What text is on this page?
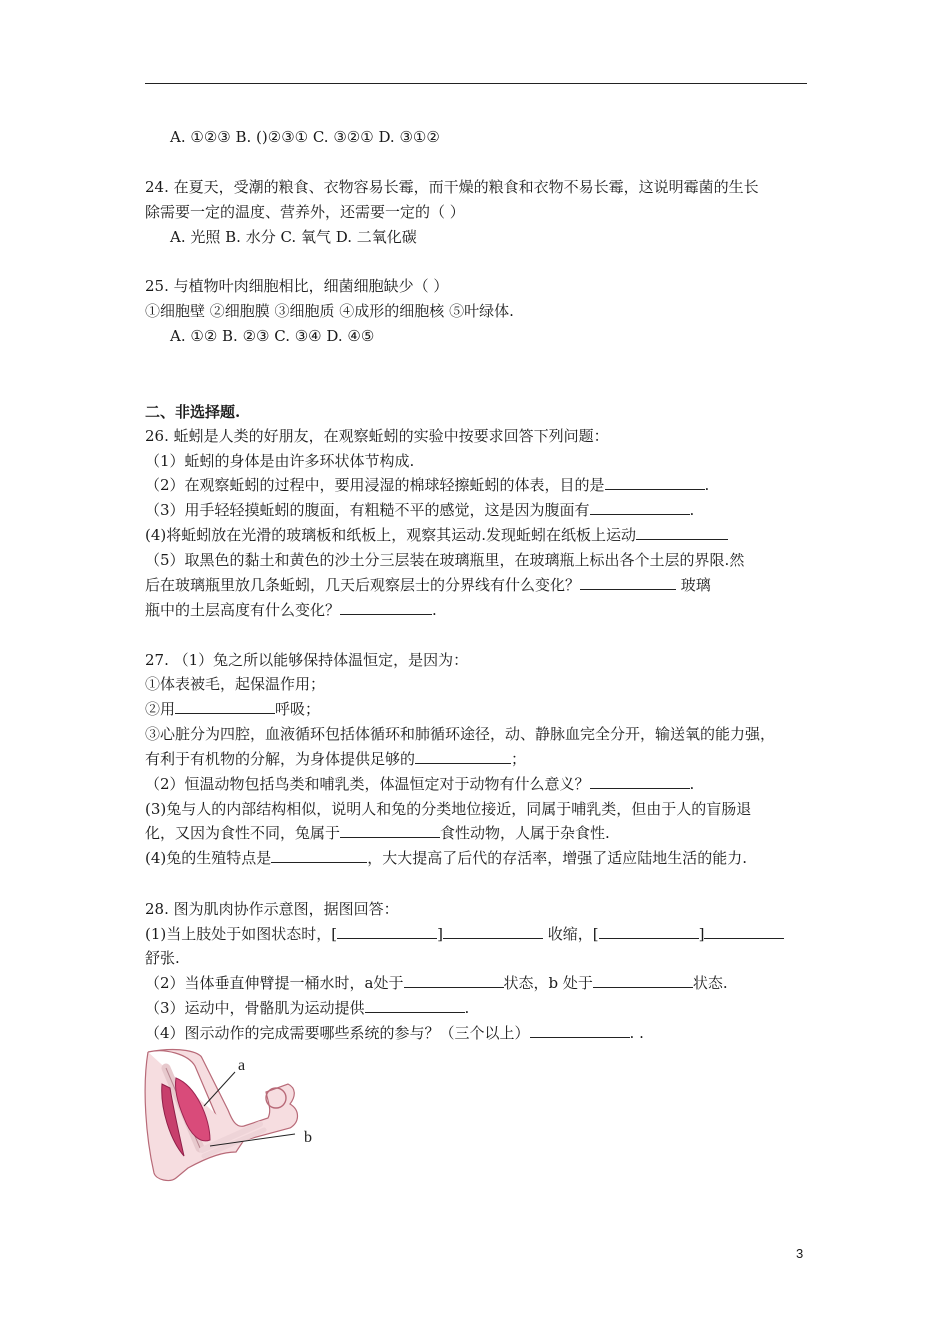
A. ①②③ B. ()②③① C. ③②① D. ③①②
24. 在夏天，受潮的粮食、衣物容易长霉，而干燥的粮食和衣物不易长霉，这说明霉菌的生长
除需要一定的温度、营养外，还需要一定的（ ）
A. 光照 B. 水分 C. 氧气 D. 二氧化碳
25. 与植物叶肉细胞相比，细菌细胞缺少（ ）
①细胞壁 ②细胞膜 ③细胞质 ④成形的细胞核 ⑤叶绿体.
A. ①② B. ②③ C. ③④ D. ④⑤
二、非选择题.
26. 蚯蚓是人类的好朋友，在观察蚯蚓的实验中按要求回答下列问题：
（1）蚯蚓的身体是由许多环状体节构成.
（2）在观察蚯蚓的过程中，要用浸湿的棉球轻擦蚯蚓的体表，目的是	.
（3）用手轻轻摸蚯蚓的腹面，有粗糙不平的感觉，这是因为腹面有	.
(4)将蚯蚓放在光滑的玻璃板和纸板上，观察其运动.发现蚯蚓在纸板上运动
（5）取黑色的黏土和黄色的沙土分三层装在玻璃瓶里，在玻璃瓶上标出各个土层的界限.然
后在玻璃瓶里放几条蚯蚓，几天后观察层士的分界线有什么变化？	玻璃
瓶中的土层高度有什么变化？	.
27. （1）兔之所以能够保持体温恒定，是因为：
①体表被毛，起保温作用；
②用	呼吸；
③心脏分为四腔，血液循环包括体循环和肺循环途径，动、静脉血完全分开，输送氧的能力强，
有利于有机物的分解，为身体提供足够的	；
（2）恒温动物包括鸟类和哺乳类，体温恒定对于动物有什么意义？	.
(3)兔与人的内部结构相似，说明人和兔的分类地位接近，同属于哺乳类，但由于人的盲肠退
化，又因为食性不同，兔属于	食性动物，人属于杂食性.
(4)兔的生殖特点是	，大大提高了后代的存活率，增强了适应陆地生活的能力.
28. 图为肌肉协作示意图，据图回答：
(1)当上肢处于如图状态时，[	]	收缩，[	]
舒张.
（2）当体垂直伸臂提一桶水时，a处于	状态，b 处于	状态.
（3）运动中，骨骼肌为运动提供	.
（4）图示动作的完成需要哪些系统的参与？（三个以上）	. .
a
b
3
